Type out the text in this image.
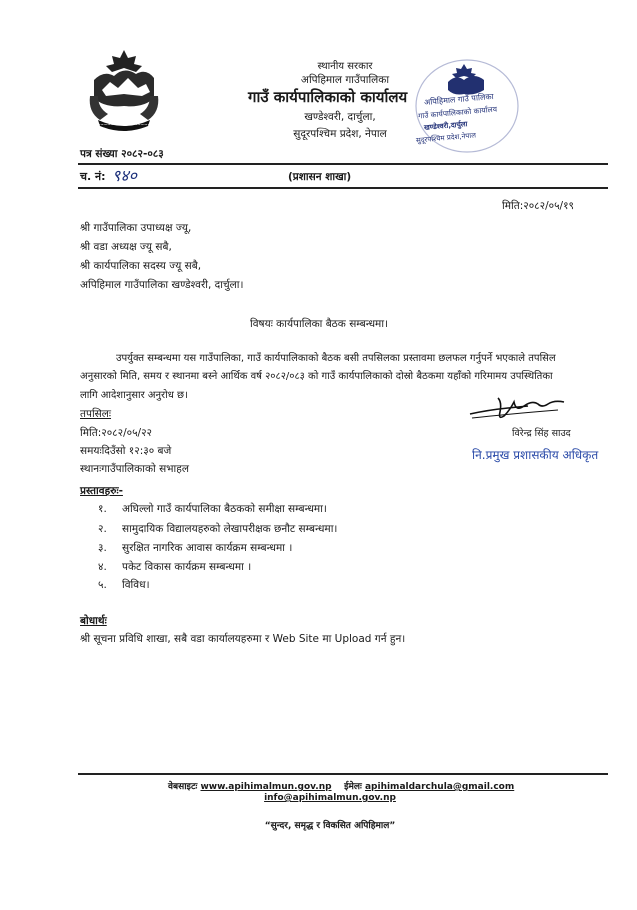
~~~~~~~~~~~~~~~~
स्थानीय सरकार
अपिहिमाल गाउँपालिका
गाउँ कार्यपालिकाको कार्यालय
खण्डेश्वरी, दार्चुला,
सुदूरपश्चिम प्रदेश, नेपाल
अपिहिमाल गाउँ पालिका
गाउँ कार्यपालिकाको कार्यालय
खण्डेश्वरी,दार्चुला
सुदूरपश्चिम प्रदेश,नेपाल
पत्र संख्या २०८२-०८३
च. नं: ९४०	(प्रशासन शाखा)
मिति:२०८२/०५/१९
श्री गाउँपालिका उपाध्यक्ष ज्यू,
श्री वडा अध्यक्ष ज्यू सबै,
श्री कार्यपालिका सदस्य ज्यू सबै,
अपिहिमाल गाउँपालिका खण्डेश्वरी, दार्चुला।
विषयः कार्यपालिका बैठक सम्बन्धमा।
उपर्युक्त सम्बन्धमा यस गाउँपालिका, गाउँ कार्यपालिकाको बैठक बसी तपसिलका प्रस्तावमा छलफल गर्नुपर्ने भएकाले तपसिल
अनुसारको मिति, समय र स्थानमा बस्ने आर्थिक वर्ष २०८२/०८३ को गाउँ कार्यपालिकाको दोस्रो बैठकमा यहाँको गरिमामय उपस्थितिका
लागि आदेशानुसार अनुरोध छ।
तपसिलः
मिति:२०८२/०५/२२
समयःदिउँसो १२:३० बजे
स्थानःगाउँपालिकाको सभाहल
विरेन्द्र सिंह साउद
नि.प्रमुख प्रशासकीय अधिकृत
प्रस्तावहरुः-
१. अघिल्लो गाउँ कार्यपालिका बैठकको समीक्षा सम्बन्धमा।
२. सामुदायिक विद्यालयहरुको लेखापरीक्षक छनौट सम्बन्धमा।
३. सुरक्षित नागरिक आवास कार्यक्रम सम्बन्धमा ।
४. पकेट विकास कार्यक्रम सम्बन्धमा ।
५. विविध।
बोधार्थः
श्री सूचना प्रविधि शाखा, सबै वडा कार्यालयहरुमा र Web Site मा Upload गर्न हुन।
वेबसाइटः www.apihimalmun.gov.np ईमेलः apihimaldarchula@gmail.com
info@apihimalmun.gov.np
“सुन्दर, समृद्ध र विकसित अपिहिमाल”
